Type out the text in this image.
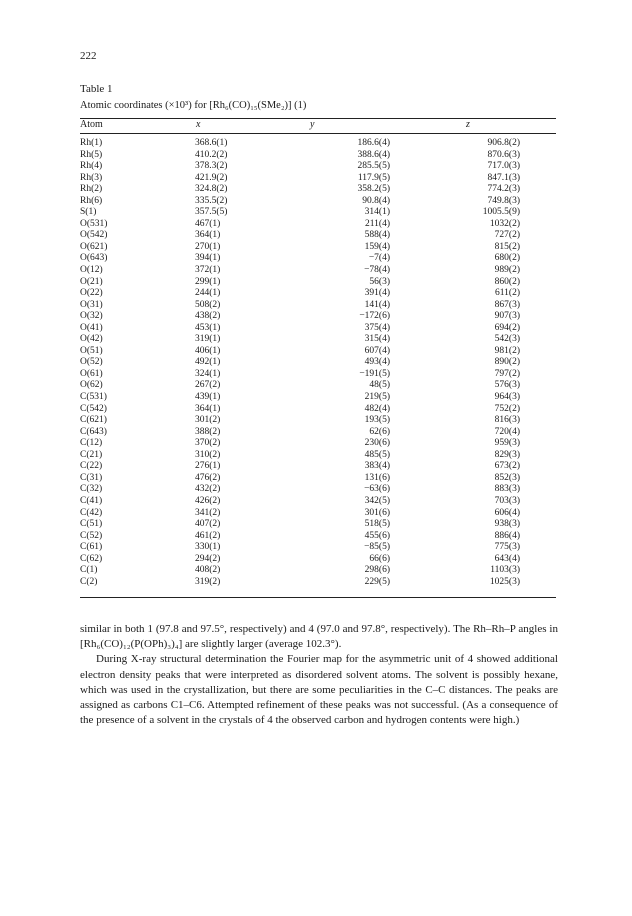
222
Table 1
Atomic coordinates (×10³) for [Rh₆(CO)₁₅(SMe₂)] (1)
Atom	x	y	z
Rh(1)	368.6(1)	186.6(4)	906.8(2)
Rh(5)	410.2(2)	388.6(4)	870.6(3)
Rh(4)	378.3(2)	285.5(5)	717.0(3)
Rh(3)	421.9(2)	117.9(5)	847.1(3)
Rh(2)	324.8(2)	358.2(5)	774.2(3)
Rh(6)	335.5(2)	90.8(4)	749.8(3)
S(1)	357.5(5)	314(1)	1005.5(9)
O(531)	467(1)	211(4)	1032(2)
O(542)	364(1)	588(4)	727(2)
O(621)	270(1)	159(4)	815(2)
O(643)	394(1)	−7(4)	680(2)
O(12)	372(1)	−78(4)	989(2)
O(21)	299(1)	56(3)	860(2)
O(22)	244(1)	391(4)	611(2)
O(31)	508(2)	141(4)	867(3)
O(32)	438(2)	−172(6)	907(3)
O(41)	453(1)	375(4)	694(2)
O(42)	319(1)	315(4)	542(3)
O(51)	406(1)	607(4)	981(2)
O(52)	492(1)	493(4)	890(2)
O(61)	324(1)	−191(5)	797(2)
O(62)	267(2)	48(5)	576(3)
C(531)	439(1)	219(5)	964(3)
C(542)	364(1)	482(4)	752(2)
C(621)	301(2)	193(5)	816(3)
C(643)	388(2)	62(6)	720(4)
C(12)	370(2)	230(6)	959(3)
C(21)	310(2)	485(5)	829(3)
C(22)	276(1)	383(4)	673(2)
C(31)	476(2)	131(6)	852(3)
C(32)	432(2)	−63(6)	883(3)
C(41)	426(2)	342(5)	703(3)
C(42)	341(2)	301(6)	606(4)
C(51)	407(2)	518(5)	938(3)
C(52)	461(2)	455(6)	886(4)
C(61)	330(1)	−85(5)	775(3)
C(62)	294(2)	66(6)	643(4)
C(1)	408(2)	298(6)	1103(3)
C(2)	319(2)	229(5)	1025(3)

similar in both 1 (97.8 and 97.5°, respectively) and 4 (97.0 and 97.8°, respectively). The Rh–Rh–P angles in [Rh₆(CO)₁₂(P(OPh)₃)₄] are slightly larger (average 102.3°).

During X-ray structural determination the Fourier map for the asymmetric unit of 4 showed additional electron density peaks that were interpreted as disordered solvent atoms. The solvent is possibly hexane, which was used in the crystallization, but there are some peculiarities in the C–C distances. The peaks are assigned as carbons C1–C6. Attempted refinement of these peaks was not successful. (As a consequence of the presence of a solvent in the crystals of 4 the observed carbon and hydrogen contents were high.)
